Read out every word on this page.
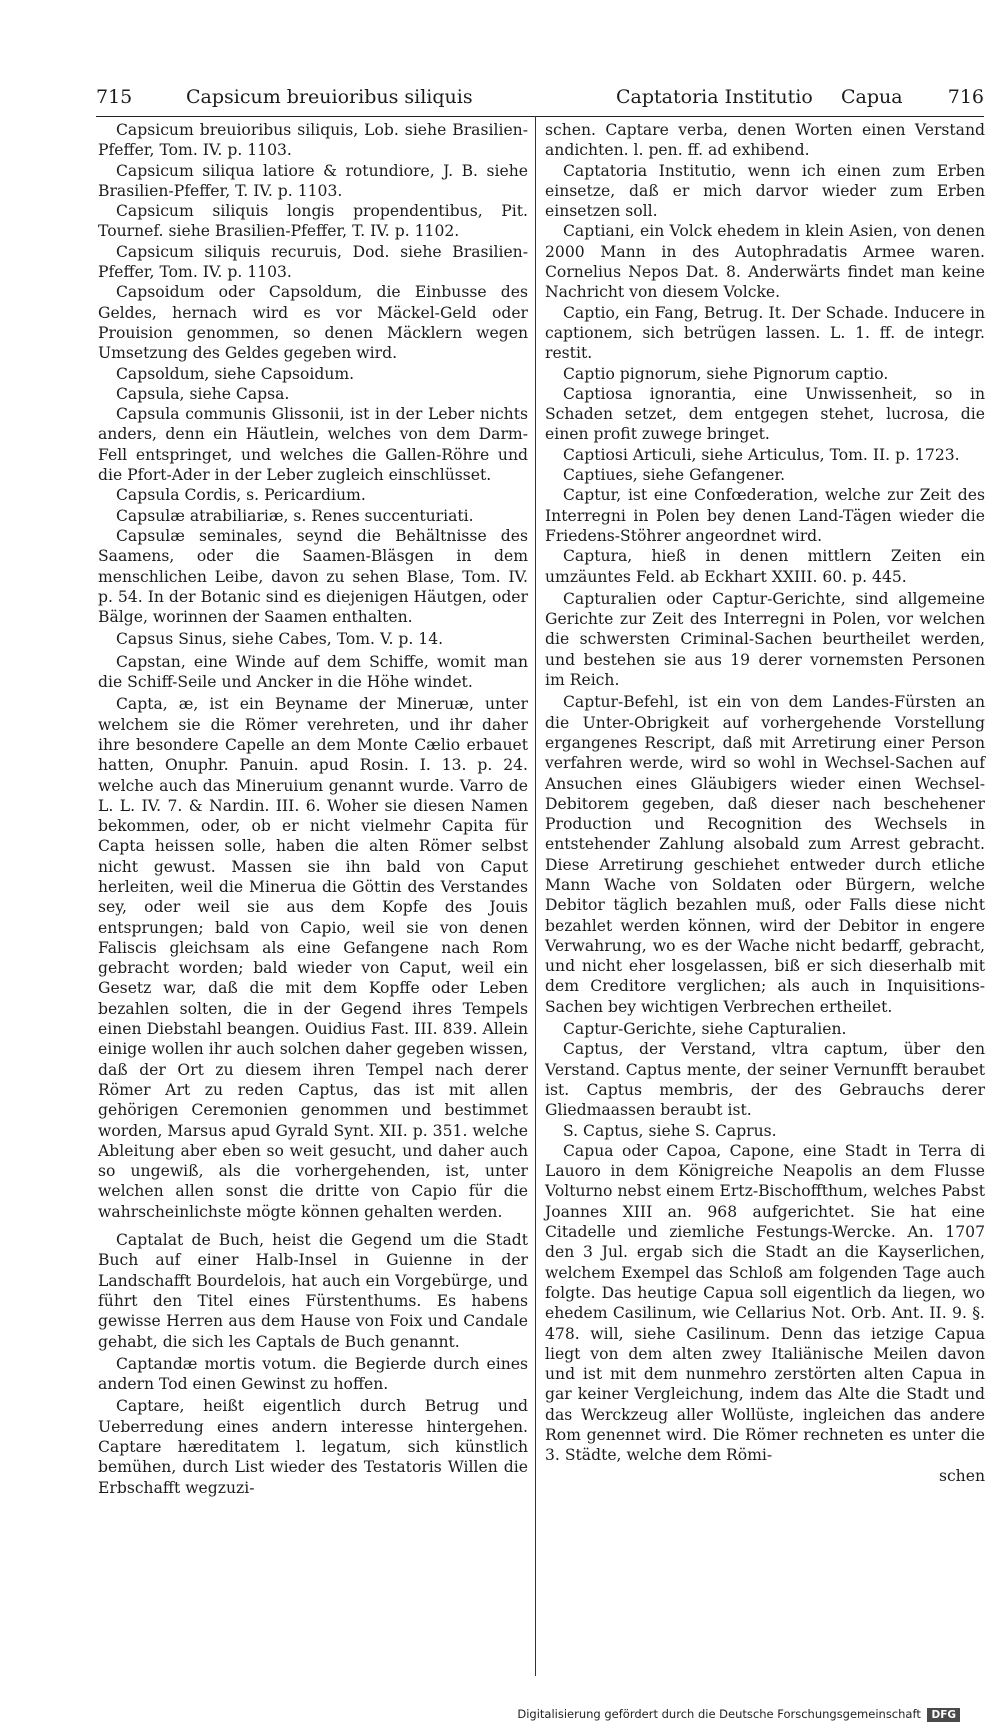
715	Capsicum breuioribus siliquis	Captatoria Institutio Capua 716

Capsicum breuioribus siliquis, Lob. siehe Brasilien-Pfeffer, Tom. IV. p. 1103.

Capsicum siliqua latiore & rotundiore, J. B. siehe Brasilien-Pfeffer, T. IV. p. 1103.

Capsicum siliquis longis propendentibus, Pit. Tournef. siehe Brasilien-Pfeffer, T. IV. p. 1102.

Capsicum siliquis recuruis, Dod. siehe Brasilien-Pfeffer, Tom. IV. p. 1103.

Capsoidum oder Capsoldum, die Einbusse des Geldes, hernach wird es vor Mäckel-Geld oder Prouision genommen, so denen Mäcklern wegen Umsetzung des Geldes gegeben wird.

Capsoldum, siehe Capsoidum.

Capsula, siehe Capsa.

Capsula communis Glissonii, ist in der Leber nichts anders, denn ein Häutlein, welches von dem Darm-Fell entspringet, und welches die Gallen-Röhre und die Pfort-Ader in der Leber zugleich einschlüsset.

Capsula Cordis, s. Pericardium.

Capsulæ atrabiliariæ, s. Renes succenturiati.

Capsulæ seminales, seynd die Behältnisse des Saamens, oder die Saamen-Bläsgen in dem menschlichen Leibe, davon zu sehen Blase, Tom. IV. p. 54. In der Botanic sind es diejenigen Häutgen, oder Bälge, worinnen der Saamen enthalten.

Capsus Sinus, siehe Cabes, Tom. V. p. 14.

Capstan, eine Winde auf dem Schiffe, womit man die Schiff-Seile und Ancker in die Höhe windet.

Capta, æ, ist ein Beyname der Mineruæ, unter welchem sie die Römer verehreten, und ihr daher ihre besondere Capelle an dem Monte Cælio erbauet hatten, Onuphr. Panuin. apud Rosin. I. 13. p. 24. welche auch das Mineruium genannt wurde. Varro de L. L. IV. 7. & Nardin. III. 6. Woher sie diesen Namen bekommen, oder, ob er nicht vielmehr Capita für Capta heissen solle, haben die alten Römer selbst nicht gewust. Massen sie ihn bald von Caput herleiten, weil die Minerua die Göttin des Verstandes sey, oder weil sie aus dem Kopfe des Jouis entsprungen; bald von Capio, weil sie von denen Faliscis gleichsam als eine Gefangene nach Rom gebracht worden; bald wieder von Caput, weil ein Gesetz war, daß die mit dem Kopffe oder Leben bezahlen solten, die in der Gegend ihres Tempels einen Diebstahl beangen. Ouidius Fast. III. 839. Allein einige wollen ihr auch solchen daher gegeben wissen, daß der Ort zu diesem ihren Tempel nach derer Römer Art zu reden Captus, das ist mit allen gehörigen Ceremonien genommen und bestimmet worden, Marsus apud Gyrald Synt. XII. p. 351. welche Ableitung aber eben so weit gesucht, und daher auch so ungewiß, als die vorhergehenden, ist, unter welchen allen sonst die dritte von Capio für die wahrscheinlichste mögte können gehalten werden.

Captalat de Buch, heist die Gegend um die Stadt Buch auf einer Halb-Insel in Guienne in der Landschafft Bourdelois, hat auch ein Vorgebürge, und führt den Titel eines Fürstenthums. Es habens gewisse Herren aus dem Hause von Foix und Candale gehabt, die sich les Captals de Buch genannt.

Captandæ mortis votum. die Begierde durch eines andern Tod einen Gewinst zu hoffen.

Captare, heißt eigentlich durch Betrug und Ueberredung eines andern interesse hintergehen. Captare hæreditatem l. legatum, sich künstlich bemühen, durch List wieder des Testatoris Willen die Erbschafft wegzuzi-

schen. Captare verba, denen Worten einen Verstand andichten. l. pen. ff. ad exhibend.

Captatoria Institutio, wenn ich einen zum Erben einsetze, daß er mich darvor wieder zum Erben einsetzen soll.

Captiani, ein Volck ehedem in klein Asien, von denen 2000 Mann in des Autophradatis Armee waren. Cornelius Nepos Dat. 8. Anderwärts findet man keine Nachricht von diesem Volcke.

Captio, ein Fang, Betrug. It. Der Schade. Inducere in captionem, sich betrügen lassen. L. 1. ff. de integr. restit.

Captio pignorum, siehe Pignorum captio.

Captiosa ignorantia, eine Unwissenheit, so in Schaden setzet, dem entgegen stehet, lucrosa, die einen profit zuwege bringet.

Captiosi Articuli, siehe Articulus, Tom. II. p. 1723.

Captiues, siehe Gefangener.

Captur, ist eine Confœderation, welche zur Zeit des Interregni in Polen bey denen Land-Tägen wieder die Friedens-Stöhrer angeordnet wird.

Captura, hieß in denen mittlern Zeiten ein umzäuntes Feld. ab Eckhart XXIII. 60. p. 445.

Capturalien oder Captur-Gerichte, sind allgemeine Gerichte zur Zeit des Interregni in Polen, vor welchen die schwersten Criminal-Sachen beurtheilet werden, und bestehen sie aus 19 derer vornemsten Personen im Reich.

Captur-Befehl, ist ein von dem Landes-Fürsten an die Unter-Obrigkeit auf vorhergehende Vorstellung ergangenes Rescript, daß mit Arretirung einer Person verfahren werde, wird so wohl in Wechsel-Sachen auf Ansuchen eines Gläubigers wieder einen Wechsel-Debitorem gegeben, daß dieser nach beschehener Production und Recognition des Wechsels in entstehender Zahlung alsobald zum Arrest gebracht. Diese Arretirung geschiehet entweder durch etliche Mann Wache von Soldaten oder Bürgern, welche Debitor täglich bezahlen muß, oder Falls diese nicht bezahlet werden können, wird der Debitor in engere Verwahrung, wo es der Wache nicht bedarff, gebracht, und nicht eher losgelassen, biß er sich dieserhalb mit dem Creditore verglichen; als auch in Inquisitions-Sachen bey wichtigen Verbrechen ertheilet.

Captur-Gerichte, siehe Capturalien.

Captus, der Verstand, vltra captum, über den Verstand. Captus mente, der seiner Vernunfft beraubet ist. Captus membris, der des Gebrauchs derer Gliedmaassen beraubt ist.

S. Captus, siehe S. Caprus.

Capua oder Capoa, Capone, eine Stadt in Terra di Lauoro in dem Königreiche Neapolis an dem Flusse Volturno nebst einem Ertz-Bischoffthum, welches Pabst Joannes XIII an. 968 aufgerichtet. Sie hat eine Citadelle und ziemliche Festungs-Wercke. An. 1707 den 3 Jul. ergab sich die Stadt an die Kayserlichen, welchem Exempel das Schloß am folgenden Tage auch folgte. Das heutige Capua soll eigentlich da liegen, wo ehedem Casilinum, wie Cellarius Not. Orb. Ant. II. 9. §. 478. will, siehe Casilinum. Denn das ietzige Capua liegt von dem alten zwey Italiänische Meilen davon und ist mit dem nunmehro zerstörten alten Capua in gar keiner Vergleichung, indem das Alte die Stadt und das Werckzeug aller Wollüste, ingleichen das andere Rom genennet wird. Die Römer rechneten es unter die 3. Städte, welche dem Römi-

schen

Digitalisierung gefördert durch die Deutsche Forschungsgemeinschaft DFG
